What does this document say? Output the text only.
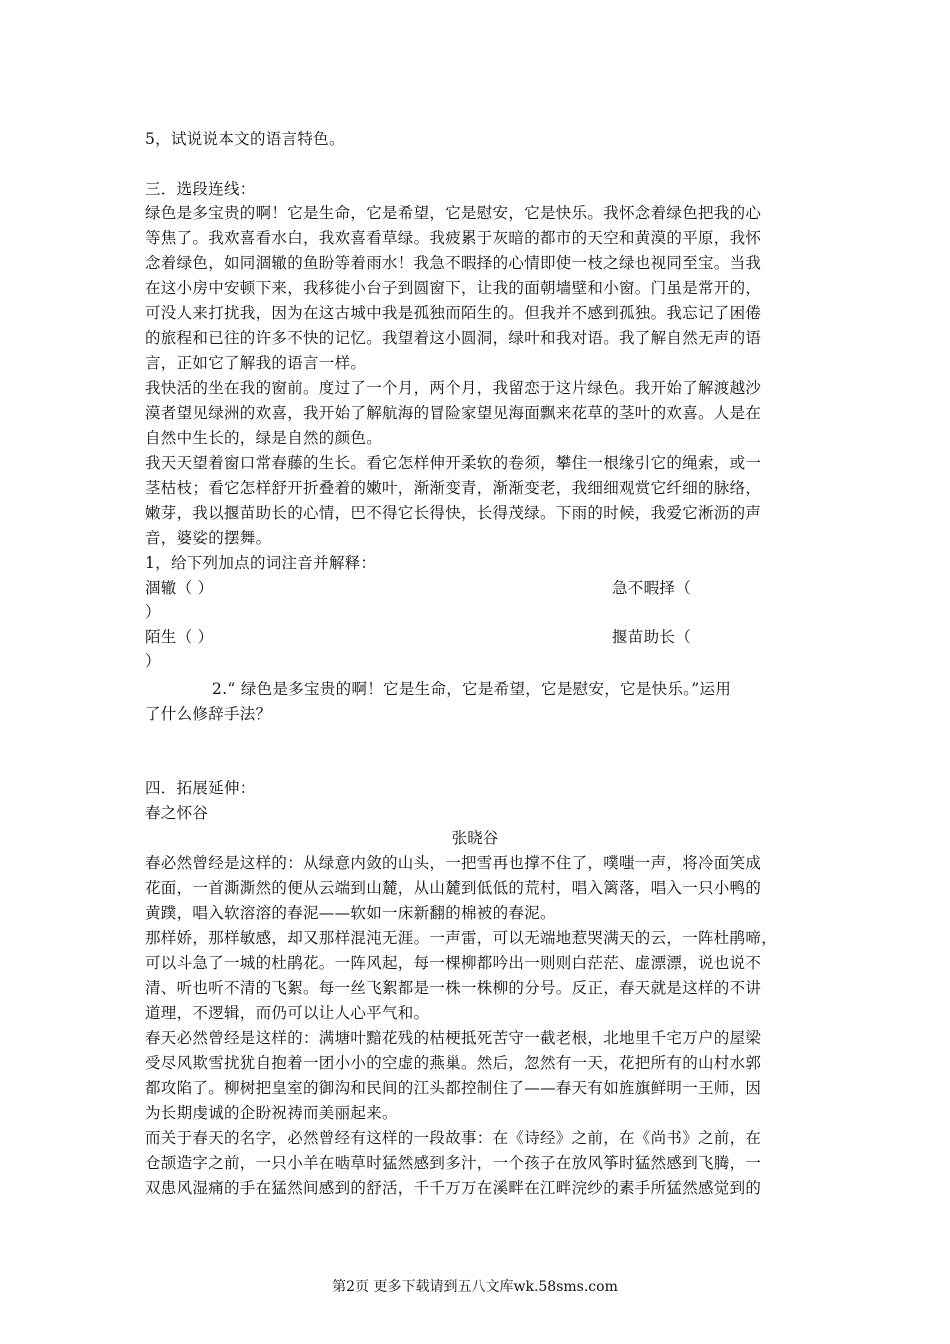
5，试说说本文的语言特色。
三．选段连线：
绿色是多宝贵的啊！它是生命，它是希望，它是慰安，它是快乐。我怀念着绿色把我的心
等焦了。我欢喜看水白，我欢喜看草绿。我疲累于灰暗的都市的天空和黄漠的平原，我怀
念着绿色，如同涸辙的鱼盼等着雨水！我急不暇择的心情即使一枝之绿也视同至宝。当我
在这小房中安顿下来，我移徙小台子到圆窗下，让我的面朝墙壁和小窗。门虽是常开的，
可没人来打扰我，因为在这古城中我是孤独而陌生的。但我并不感到孤独。我忘记了困倦
的旅程和已往的许多不快的记忆。我望着这小圆洞，绿叶和我对语。我了解自然无声的语
言，正如它了解我的语言一样。
我快活的坐在我的窗前。度过了一个月，两个月，我留恋于这片绿色。我开始了解渡越沙
漠者望见绿洲的欢喜，我开始了解航海的冒险家望见海面飘来花草的茎叶的欢喜。人是在
自然中生长的，绿是自然的颜色。
我天天望着窗口常春藤的生长。看它怎样伸开柔软的卷须，攀住一根缘引它的绳索，或一
茎枯枝；看它怎样舒开折叠着的嫩叶，渐渐变青，渐渐变老，我细细观赏它纤细的脉络，
嫩芽，我以揠苗助长的心情，巴不得它长得快，长得茂绿。下雨的时候，我爱它淅沥的声
音，婆娑的摆舞。
1，给下列加点的词注音并解释：
涸辙（ ）	急不暇择（
）
陌生（ ）	揠苗助长（
）
2.“ 绿色是多宝贵的啊！它是生命，它是希望，它是慰安，它是快乐。”运用
了什么修辞手法？
四．拓展延伸：
春之怀谷
张晓谷
春必然曾经是这样的：从绿意内敛的山头，一把雪再也撑不住了，噗嗤一声，将冷面笑成
花面，一首澌澌然的便从云端到山麓，从山麓到低低的荒村，唱入篱落，唱入一只小鸭的
黄蹼，唱入软溶溶的春泥——软如一床新翻的棉被的春泥。
那样娇，那样敏感，却又那样混沌无涯。一声雷，可以无端地惹哭满天的云，一阵杜鹃啼，
可以斗急了一城的杜鹃花。一阵风起，每一棵柳都吟出一则则白茫茫、虚漂漂，说也说不
清、听也听不清的飞絮。每一丝飞絮都是一株一株柳的分号。反正，春天就是这样的不讲
道理，不逻辑，而仍可以让人心平气和。
春天必然曾经是这样的：满塘叶黯花残的枯梗抵死苦守一截老根，北地里千宅万户的屋梁
受尽风欺雪扰犹自抱着一团小小的空虚的燕巢。然后，忽然有一天，花把所有的山村水郭
都攻陷了。柳树把皇室的御沟和民间的江头都控制住了——春天有如旌旗鲜明一王师，因
为长期虔诚的企盼祝祷而美丽起来。
而关于春天的名字，必然曾经有这样的一段故事：在《诗经》之前，在《尚书》之前，在
仓颉造字之前，一只小羊在啮草时猛然感到多汁，一个孩子在放风筝时猛然感到飞腾，一
双患风湿痛的手在猛然间感到的舒活，千千万万在溪畔在江畔浣纱的素手所猛然感觉到的
第2页 更多下载请到五八文库wk.58sms.com
